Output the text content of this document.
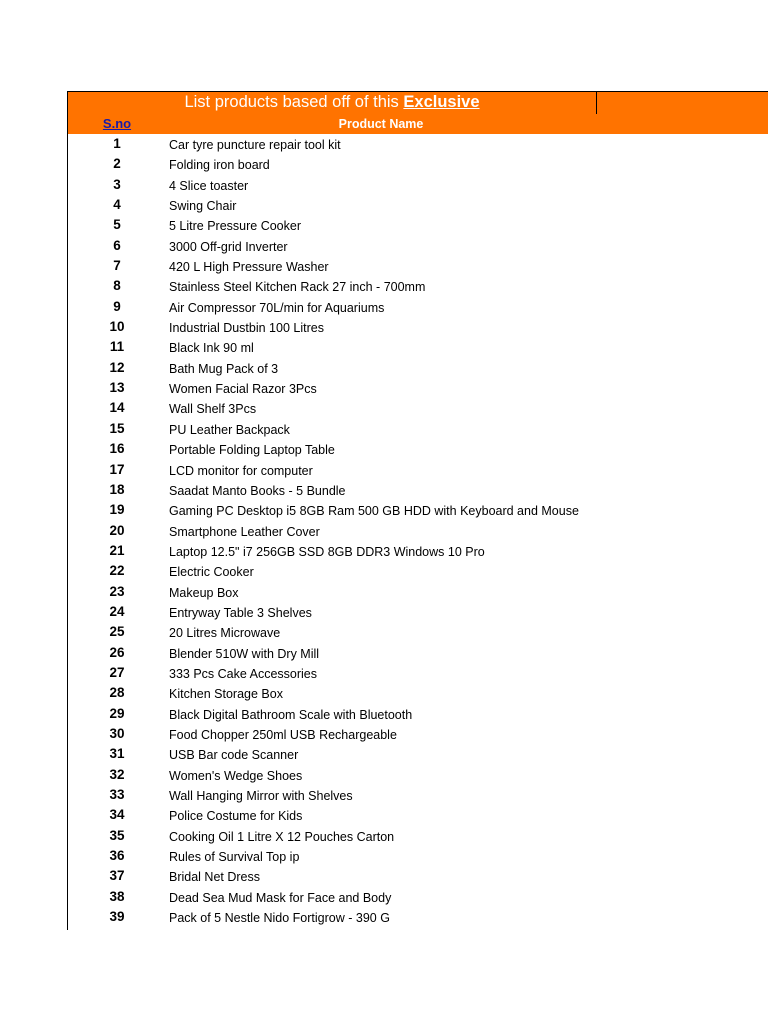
List products based off of this Exclusive
S.no	Product Name
1	Car tyre puncture repair tool kit
2	Folding iron board
3	4 Slice toaster
4	Swing Chair
5	5 Litre Pressure Cooker
6	3000 Off-grid Inverter
7	420 L High Pressure Washer
8	Stainless Steel Kitchen Rack 27 inch - 700mm
9	Air Compressor 70L/min for Aquariums
10	Industrial Dustbin 100 Litres
11	Black Ink 90 ml
12	Bath Mug Pack of 3
13	Women Facial Razor 3Pcs
14	Wall Shelf 3Pcs
15	PU Leather Backpack
16	Portable Folding Laptop Table
17	LCD monitor for computer
18	Saadat Manto Books - 5 Bundle
19	Gaming PC Desktop i5 8GB Ram 500 GB HDD with Keyboard and Mouse
20	Smartphone Leather Cover
21	Laptop 12.5" i7 256GB SSD 8GB DDR3 Windows 10 Pro
22	Electric Cooker
23	Makeup Box
24	Entryway Table 3 Shelves
25	20 Litres Microwave
26	Blender 510W with Dry Mill
27	333 Pcs Cake Accessories
28	Kitchen Storage Box
29	Black Digital Bathroom Scale with Bluetooth
30	Food Chopper 250ml USB Rechargeable
31	USB Bar code Scanner
32	Women's Wedge Shoes
33	Wall Hanging Mirror with Shelves
34	Police Costume for Kids
35	Cooking Oil 1 Litre X 12 Pouches Carton
36	Rules of Survival Top ip
37	Bridal Net Dress
38	Dead Sea Mud Mask for Face and Body
39	Pack of 5 Nestle Nido Fortigrow - 390 G
